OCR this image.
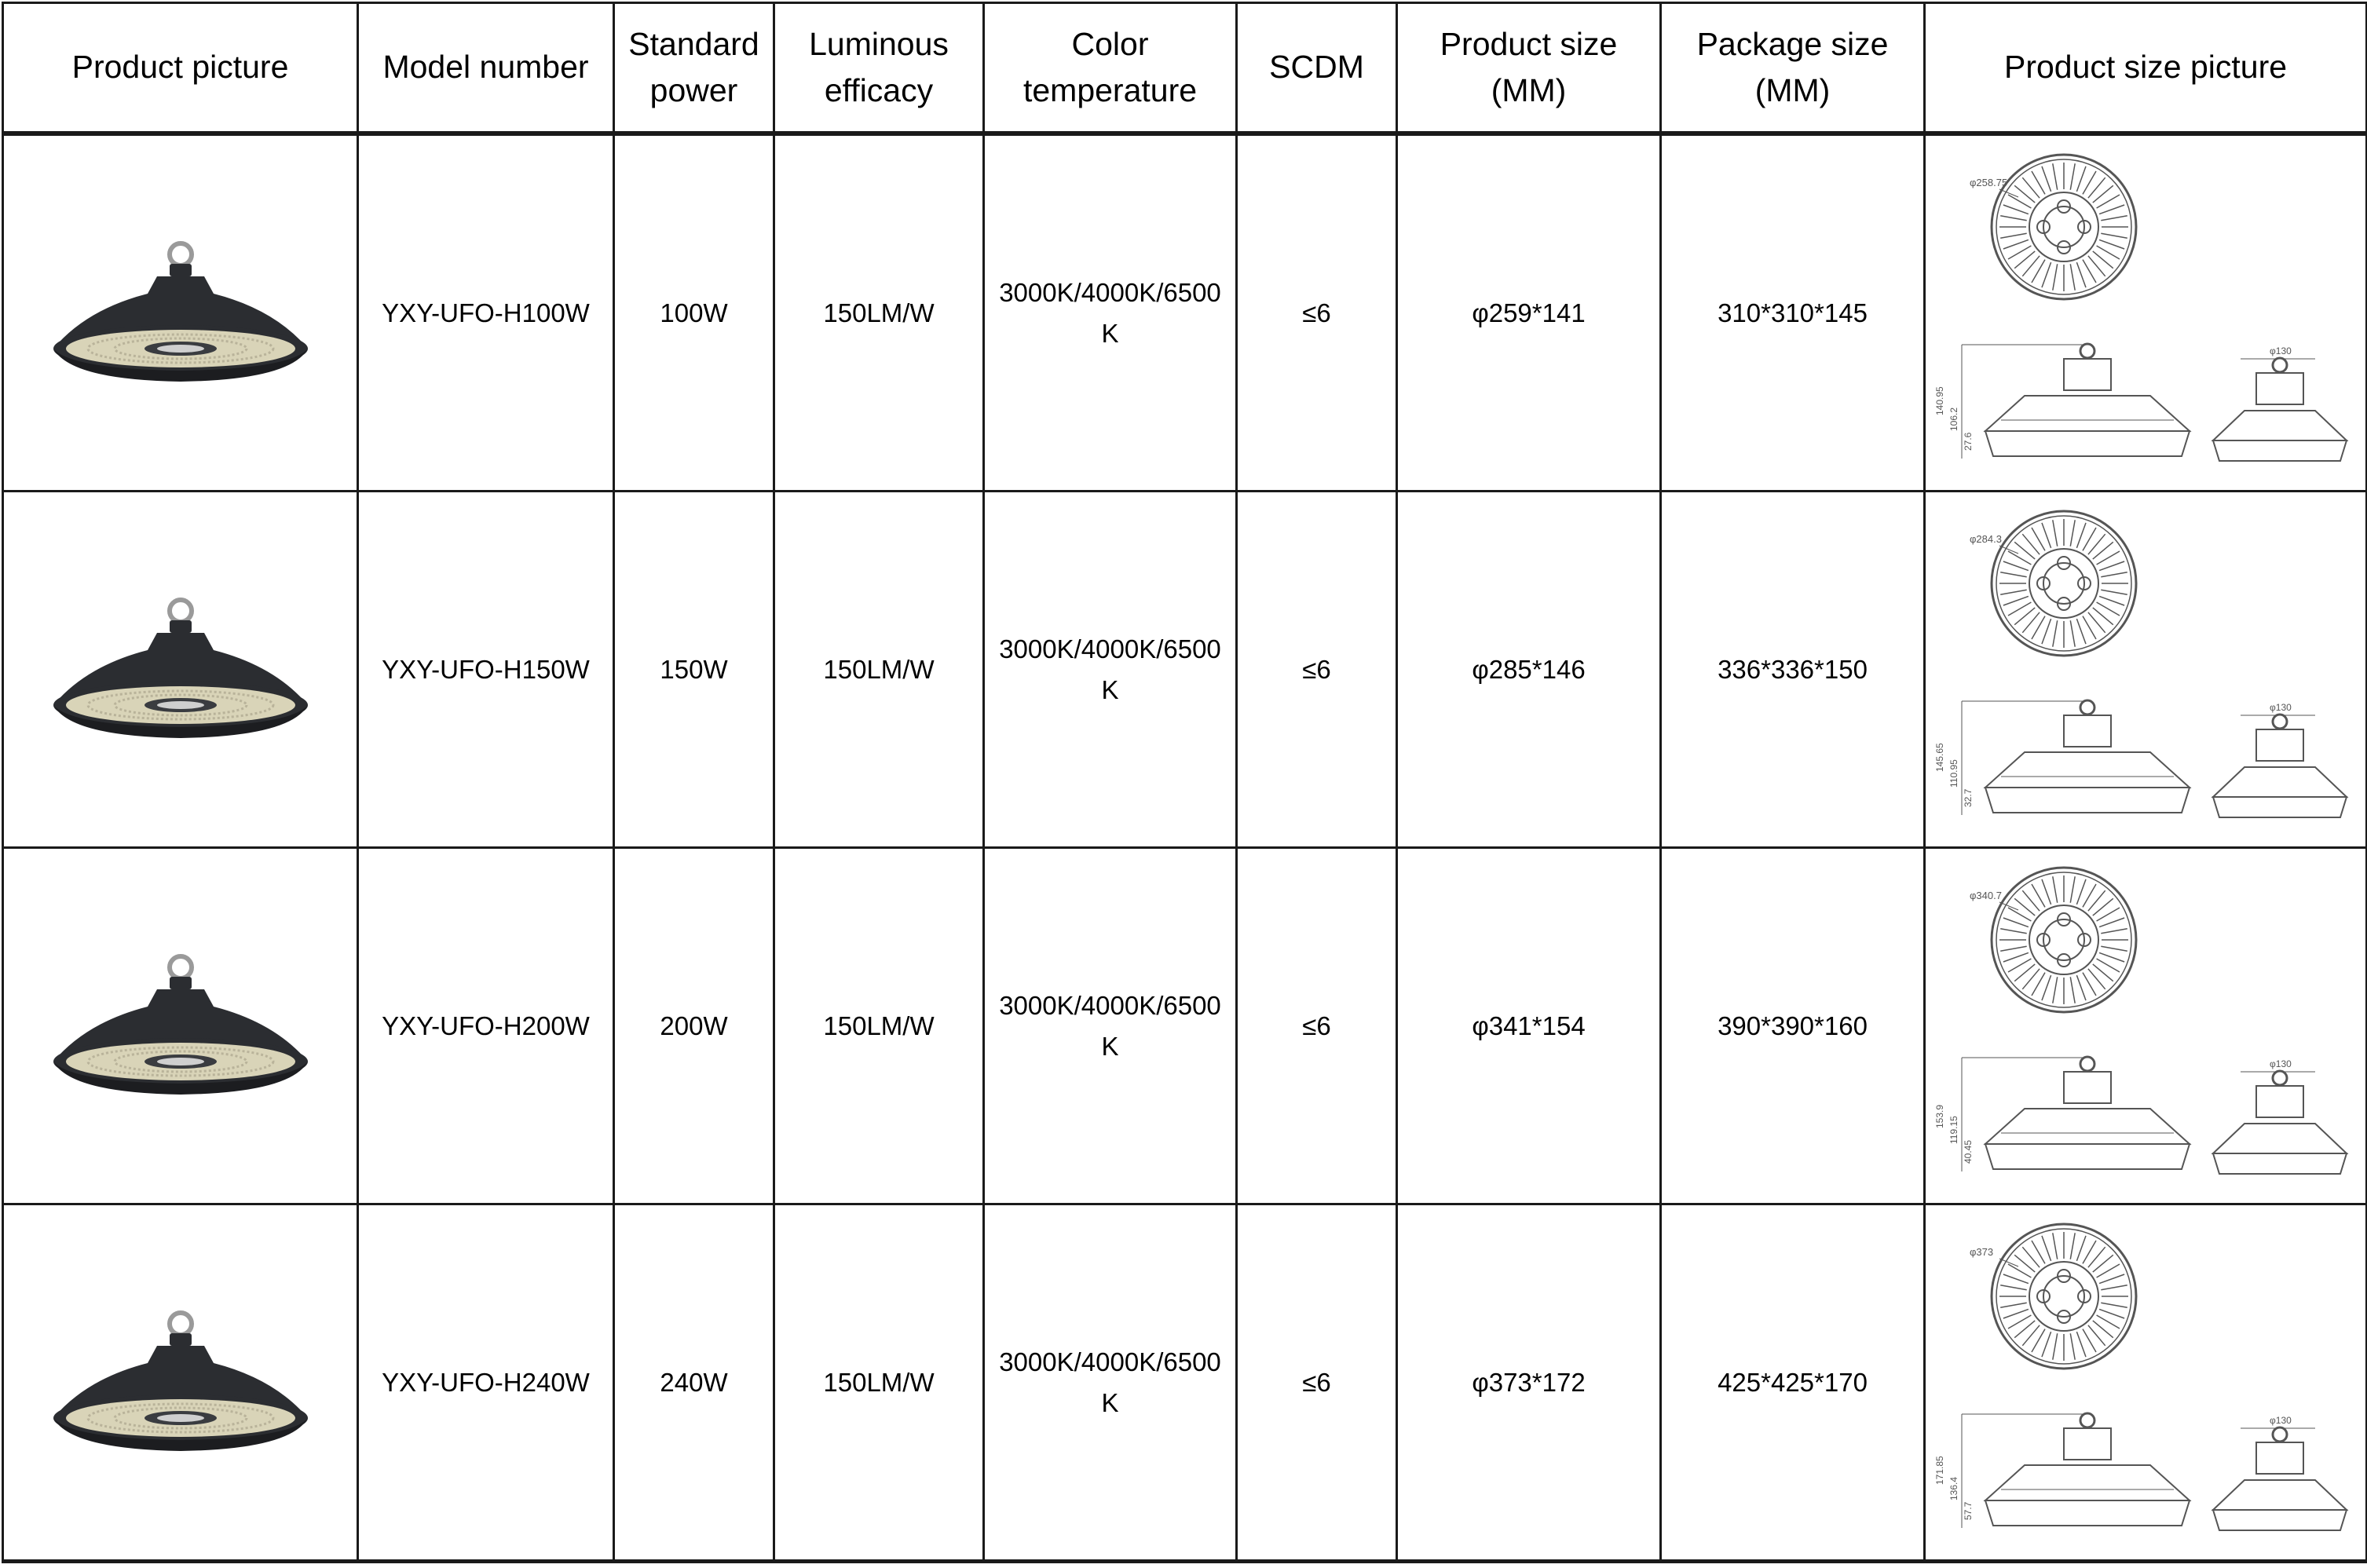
Product picture	Model number	Standard power	Luminous efficacy	Color temperature	SCDM	Product size (MM)	Package size (MM)	Product size picture

	YXY-UFO-H100W	100W	150LM/W	3000K/4000K/6500K	≤6	φ259*141	310*310*145	φ258.75
140.95
106.2
27.6
φ130

	YXY-UFO-H150W	150W	150LM/W	3000K/4000K/6500K	≤6	φ285*146	336*336*150	φ284.3
145.65
110.95
32.7
φ130

	YXY-UFO-H200W	200W	150LM/W	3000K/4000K/6500K	≤6	φ341*154	390*390*160	φ340.7
153.9 119.15
40.45
φ130

	YXY-UFO-H240W	240W	150LM/W	3000K/4000K/6500K	≤6	φ373*172	425*425*170	φ373
171.85
136.4
57.7
φ130
